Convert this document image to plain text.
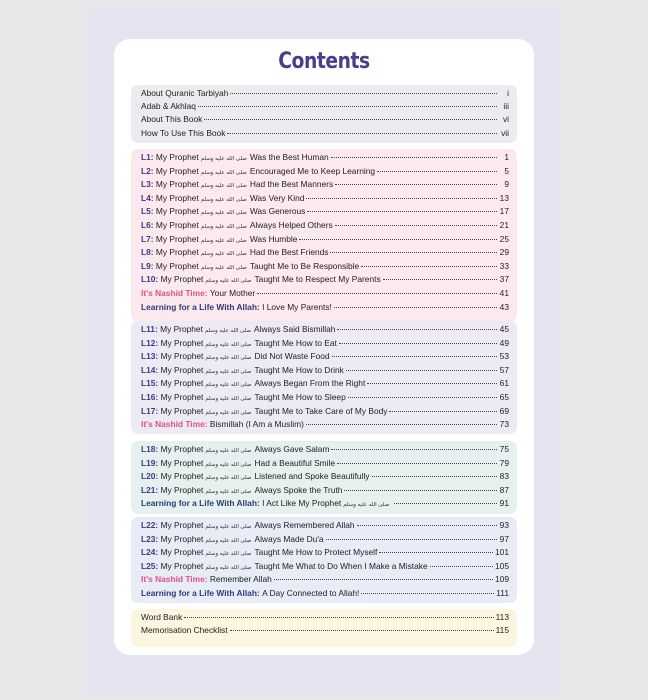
Contents
About Quranic Tarbiyah	i
Adab & Akhlaq	iii
About This Book	vi
How To Use This Book	vii
L1:
My Prophet صلى الله عليه وسلم Was the Best Human	1
L2:
My Prophet صلى الله عليه وسلم Encouraged Me to Keep Learning	5
L3:
My Prophet صلى الله عليه وسلم Had the Best Manners	9
L4:
My Prophet صلى الله عليه وسلم Was Very Kind	13
L5:
My Prophet صلى الله عليه وسلم Was Generous	17
L6:
My Prophet صلى الله عليه وسلم Always Helped Others	21
L7:
My Prophet صلى الله عليه وسلم Was Humble	25
L8:
My Prophet صلى الله عليه وسلم Had the Best Friends	29
L9:
My Prophet صلى الله عليه وسلم Taught Me to Be Responsible	33
L10:
My Prophet صلى الله عليه وسلم Taught Me to Respect My Parents	37
It's Nashid Time:
Your Mother	41
Learning for a Life With Allah:
I Love My Parents!	43
L11:
My Prophet صلى الله عليه وسلم Always Said Bismillah	45
L12:
My Prophet صلى الله عليه وسلم Taught Me How to Eat	49
L13:
My Prophet صلى الله عليه وسلم Did Not Waste Food	53
L14:
My Prophet صلى الله عليه وسلم Taught Me How to Drink	57
L15:
My Prophet صلى الله عليه وسلم Always Began From the Right	61
L16:
My Prophet صلى الله عليه وسلم Taught Me How to Sleep	65
L17:
My Prophet صلى الله عليه وسلم Taught Me to Take Care of My Body	69
It's Nashid Time:
Bismillah (I Am a Muslim)	73
L18:
My Prophet صلى الله عليه وسلم Always Gave Salam	75
L19:
My Prophet صلى الله عليه وسلم Had a Beautiful Smile	79
L20:
My Prophet صلى الله عليه وسلم Listened and Spoke Beautifully	83
L21:
My Prophet صلى الله عليه وسلم Always Spoke the Truth	87
Learning for a Life With Allah:
I Act Like My Prophet صلى الله عليه وسلم	91
L22:
My Prophet صلى الله عليه وسلم Always Remembered Allah	93
L23:
My Prophet صلى الله عليه وسلم Always Made Du'a	97
L24:
My Prophet صلى الله عليه وسلم Taught Me How to Protect Myself	101
L25:
My Prophet صلى الله عليه وسلم Taught Me What to Do When I Make a Mistake	105
It's Nashid Time:
Remember Allah	109
Learning for a Life With Allah:
A Day Connected to Allah!	111
Word Bank	113
Memorisation Checklist	115
